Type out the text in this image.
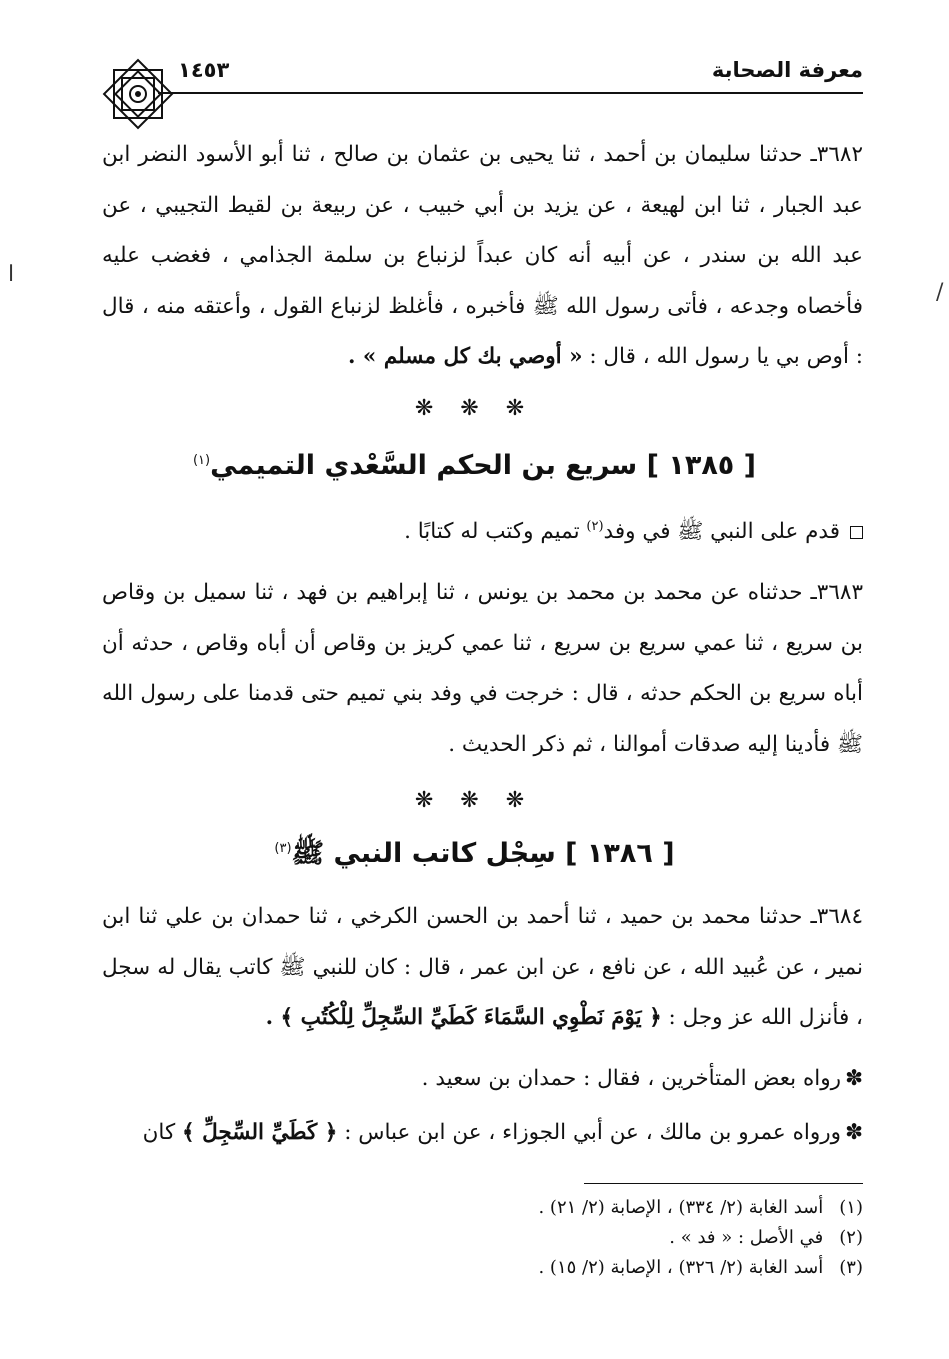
معرفة الصحابة
١٤٥٣

٣٦٨٢ـ حدثنا سليمان بن أحمد ، ثنا يحيى بن عثمان بن صالح ، ثنا أبو الأسود النضر ابن عبد الجبار ، ثنا ابن لهيعة ، عن يزيد بن أبي خبيب ، عن ربيعة بن لقيط التجيبي ، عن عبد الله بن سندر ، عن أبيه أنه كان عبداً لزنباع بن سلمة الجذامي ، فغضب عليه فأخصاه وجدعه ، فأتى رسول الله ﷺ فأخبره ، فأغلظ لزنباع القول ، وأعتقه منه ، قال : أوص بي يا رسول الله ، قال : « أوصي بك كل مسلم » .

❋ ❋ ❋
[ ١٣٨٥ ] سريع بن الحكم السَّعْدي التميمي$^{(١)}$
قدم على النبي ﷺ في وفد$^{(٢)}$ تميم وكتب له كتابًا .

٣٦٨٣ـ حدثناه عن محمد بن محمد بن يونس ، ثنا إبراهيم بن فهد ، ثنا سميل بن وقاص بن سريع ، ثنا عمي سريع بن سريع ، ثنا عمي كريز بن وقاص أن أباه وقاص ، حدثه أن أباه سريع بن الحكم حدثه ، قال : خرجت في وفد بني تميم حتى قدمنا على رسول الله ﷺ فأدينا إليه صدقات أموالنا ، ثم ذكر الحديث .

❋ ❋ ❋
[ ١٣٨٦ ] سِجْل كاتب النبي ﷺ$^{(٣)}$

٣٦٨٤ـ حدثنا محمد بن حميد ، ثنا أحمد بن الحسن الكرخي ، ثنا حمدان بن علي ثنا ابن نمير ، عن عُبيد الله ، عن نافع ، عن ابن عمر ، قال : كان للنبي ﷺ كاتب يقال له سجل ، فأنزل الله عز وجل : ﴿ يَوْمَ نَطْوِي السَّمَاءَ كَطَيِّ السِّجِلِّ لِلْكُتُبِ ﴾ .

✽رواه بعض المتأخرين ، فقال : حمدان بن سعيد .
✽ورواه عمرو بن مالك ، عن أبي الجوزاء ، عن ابن عباس : ﴿ كَطَيِّ السِّجِلِّ ﴾ كان

(١) أسد الغابة (٢/ ٣٣٤) ، الإصابة (٢/ ٢١) .

(٢) في الأصل : « فد » .

(٣) أسد الغابة (٢/ ٣٢٦) ، الإصابة (٢/ ١٥) .

ا
/
